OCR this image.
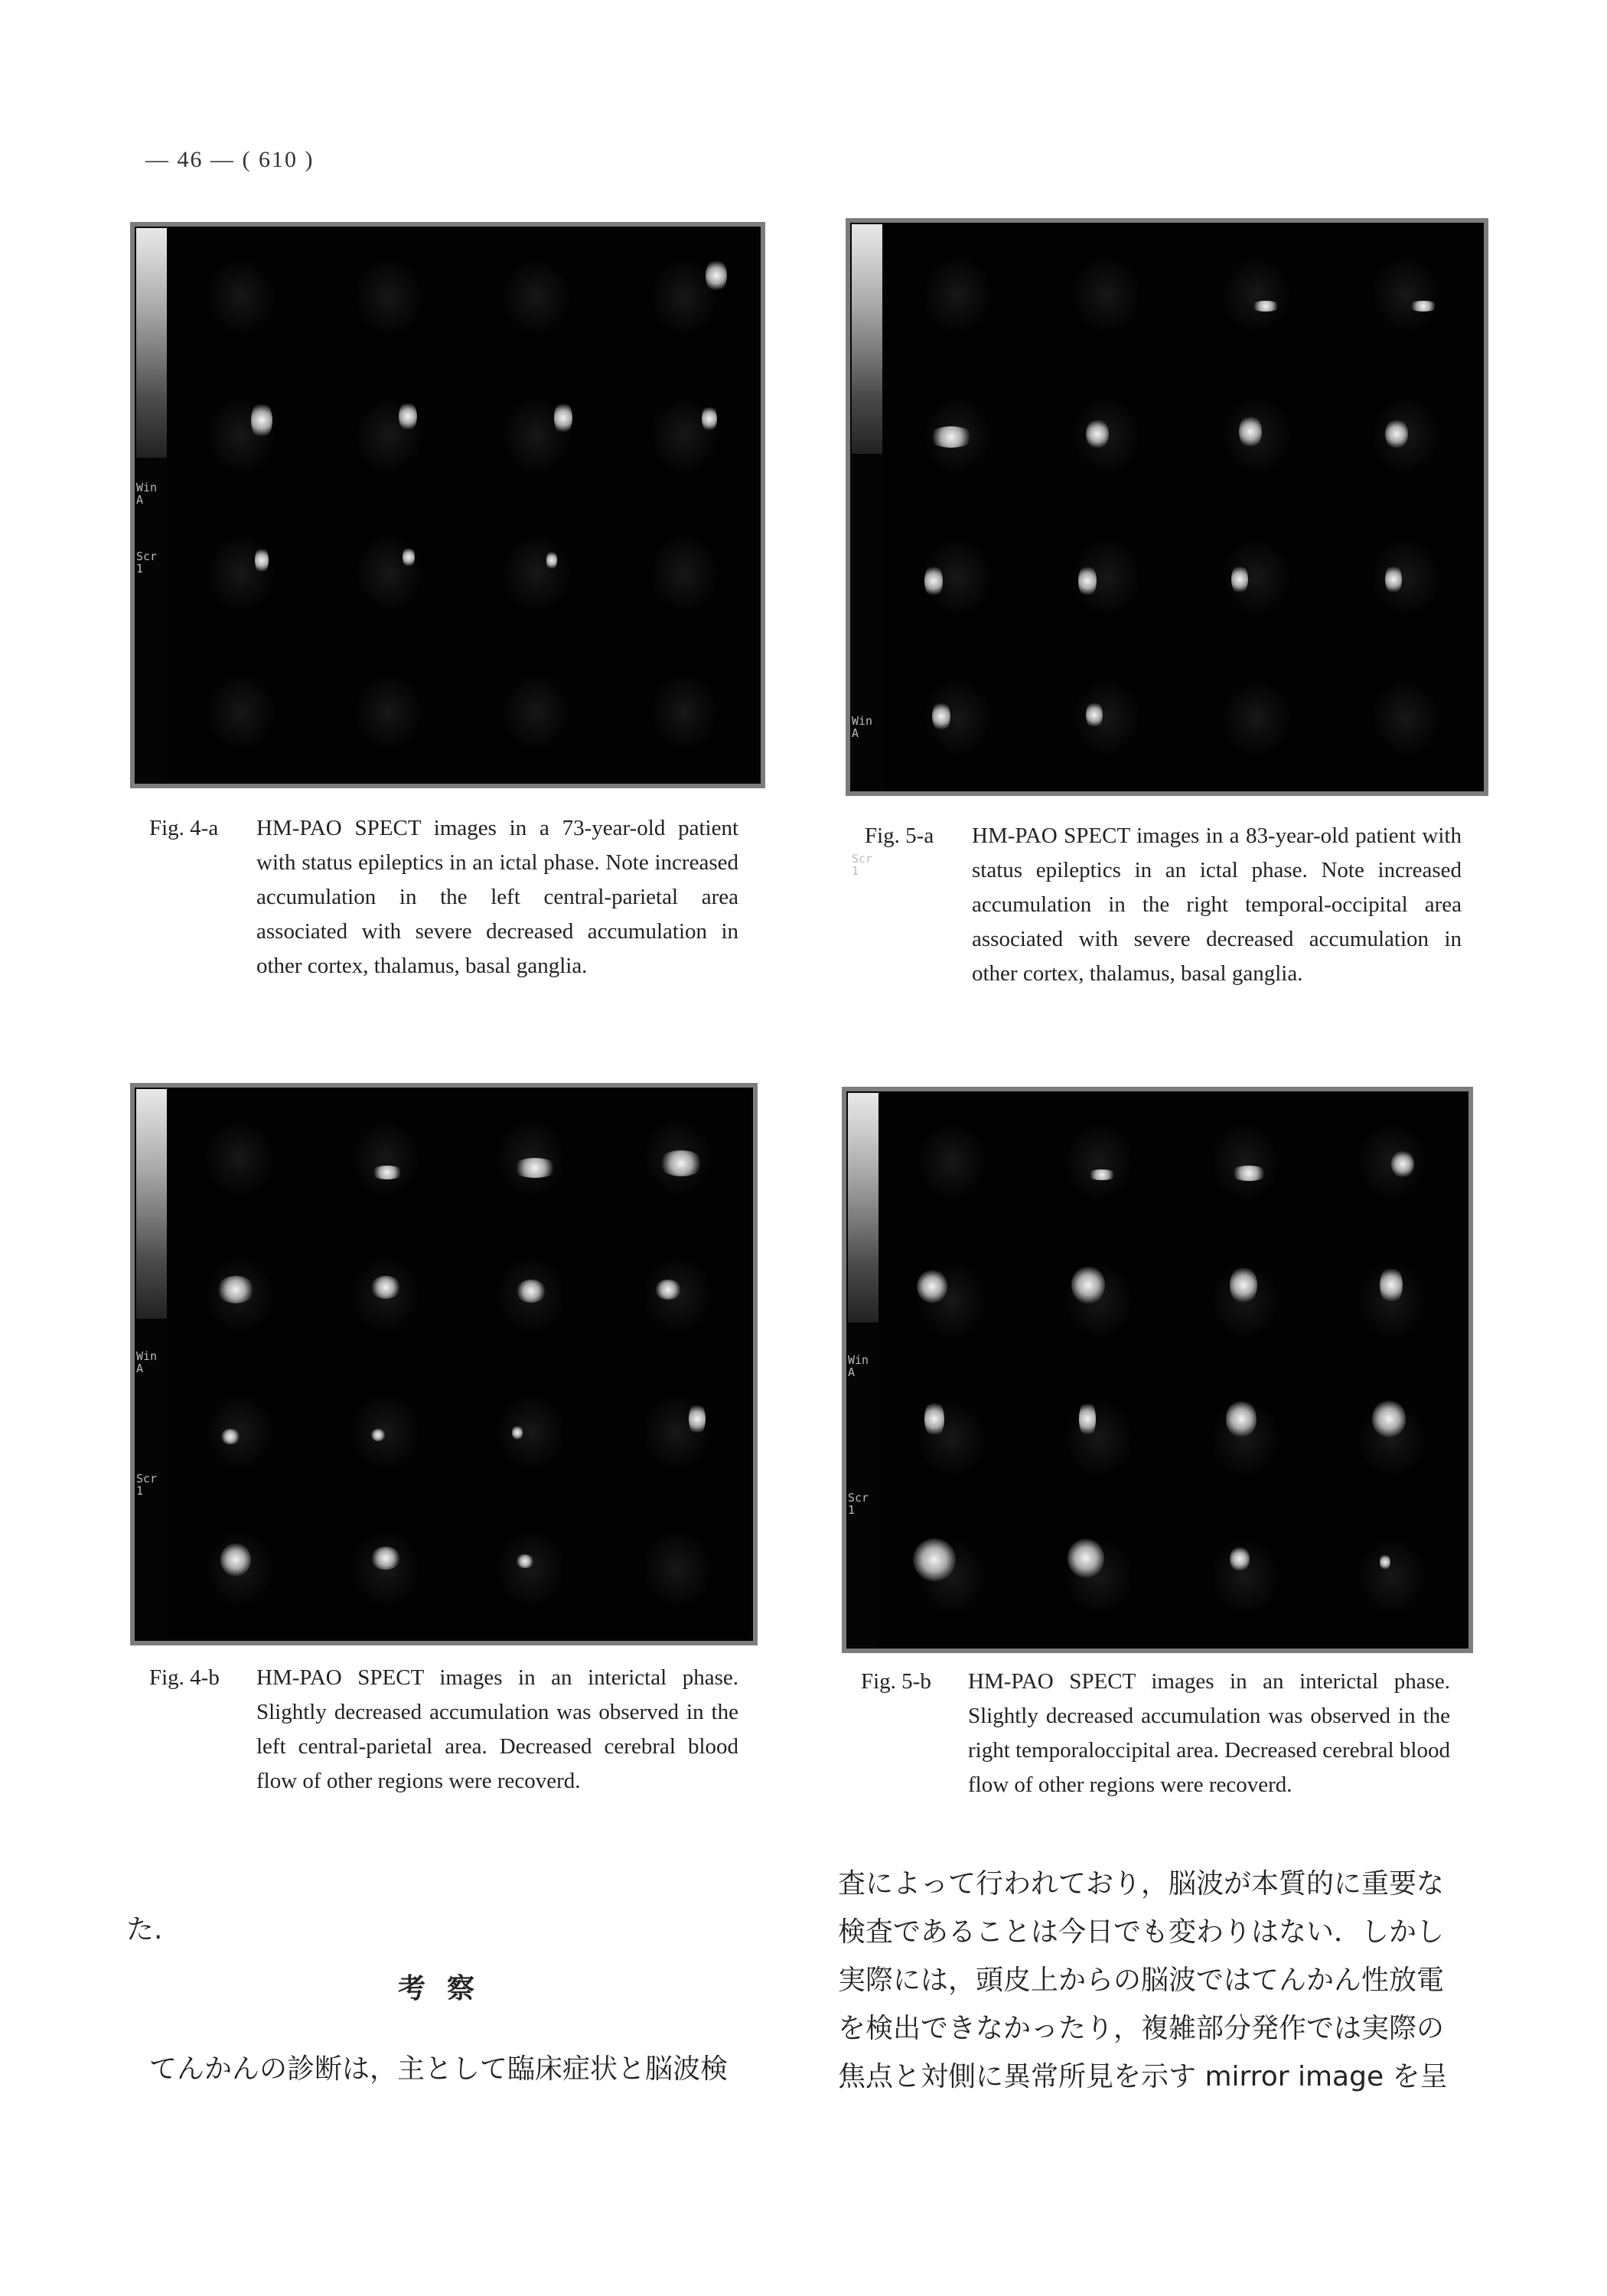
— 46 — ( 610 )
Win
A
Scr
1
Win
A
Scr
1
Fig. 4-a HM-PAO SPECT images in a 73-year-old patient with status epileptics in an ictal phase. Note increased accumulation in the left central-parietal area associated with severe decreased accumulation in other cortex, thalamus, basal ganglia.
Fig. 5-a HM-PAO SPECT images in a 83-year-old patient with status epileptics in an ictal phase. Note increased accumulation in the right temporal-occipital area associated with severe decreased accumulation in other cortex, thalamus, basal ganglia.
Win
A
Scr
1
Win
A
Scr
1
Fig. 4-b HM-PAO SPECT images in an interictal phase. Slightly decreased accumulation was observed in the left central-parietal area. Decreased cerebral blood flow of other regions were recoverd.
Fig. 5-b HM-PAO SPECT images in an interictal phase. Slightly decreased accumulation was observed in the right temporaloccipital area. Decreased cerebral blood flow of other regions were recoverd.
た.
考察
てんかんの診断は，主として臨床症状と脳波検
査によって行われており，脳波が本質的に重要な
検査であることは今日でも変わりはない．しかし
実際には，頭皮上からの脳波ではてんかん性放電
を検出できなかったり，複雑部分発作では実際の
焦点と対側に異常所見を示す mirror image を呈
